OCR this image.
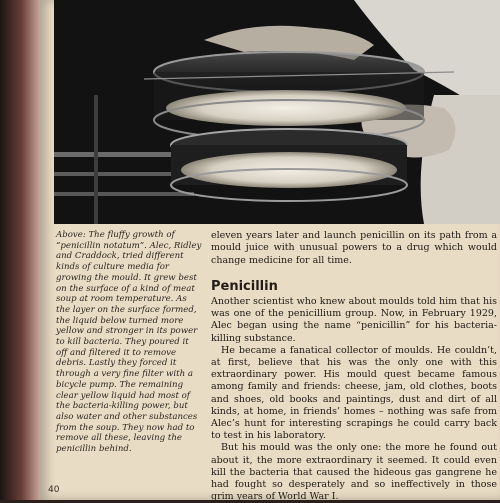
Above: The fluffy growth of “penicillin notatum”. Alec, Ridley and Craddock, tried different kinds of culture media for growing the mould. It grew best on the surface of a kind of meat soup at room temperature. As the layer on the surface formed, the liquid below turned more yellow and stronger in its power to kill bacteria. They poured it off and filtered it to remove debris. Lastly they forced it through a very fine filter with a bicycle pump. The remaining clear yellow liquid had most of the bacteria-killing power, but also water and other substances from the soup. They now had to remove all these, leaving the penicillin behind.

eleven years later and launch penicillin on its path from a mould juice with unusual powers to a drug which would change medicine for all time.

Penicillin

Another scientist who knew about moulds told him that his was one of the penicillium group. Now, in February 1929, Alec began using the name “penicillin” for his bacteria-killing substance.

He became a fanatical collector of moulds. He couldn’t, at first, believe that his was the only one with this extraordinary power. His mould quest became famous among family and friends: cheese, jam, old clothes, boots and shoes, old books and paintings, dust and dirt of all kinds, at home, in friends’ homes – nothing was safe from Alec’s hunt for interesting scrapings he could carry back to test in his laboratory.

But his mould was the only one: the more he found out about it, the more extraordinary it seemed. It could even kill the bacteria that caused the hideous gas gangrene he had fought so desperately and so ineffectively in those grim years of World War I.

40
